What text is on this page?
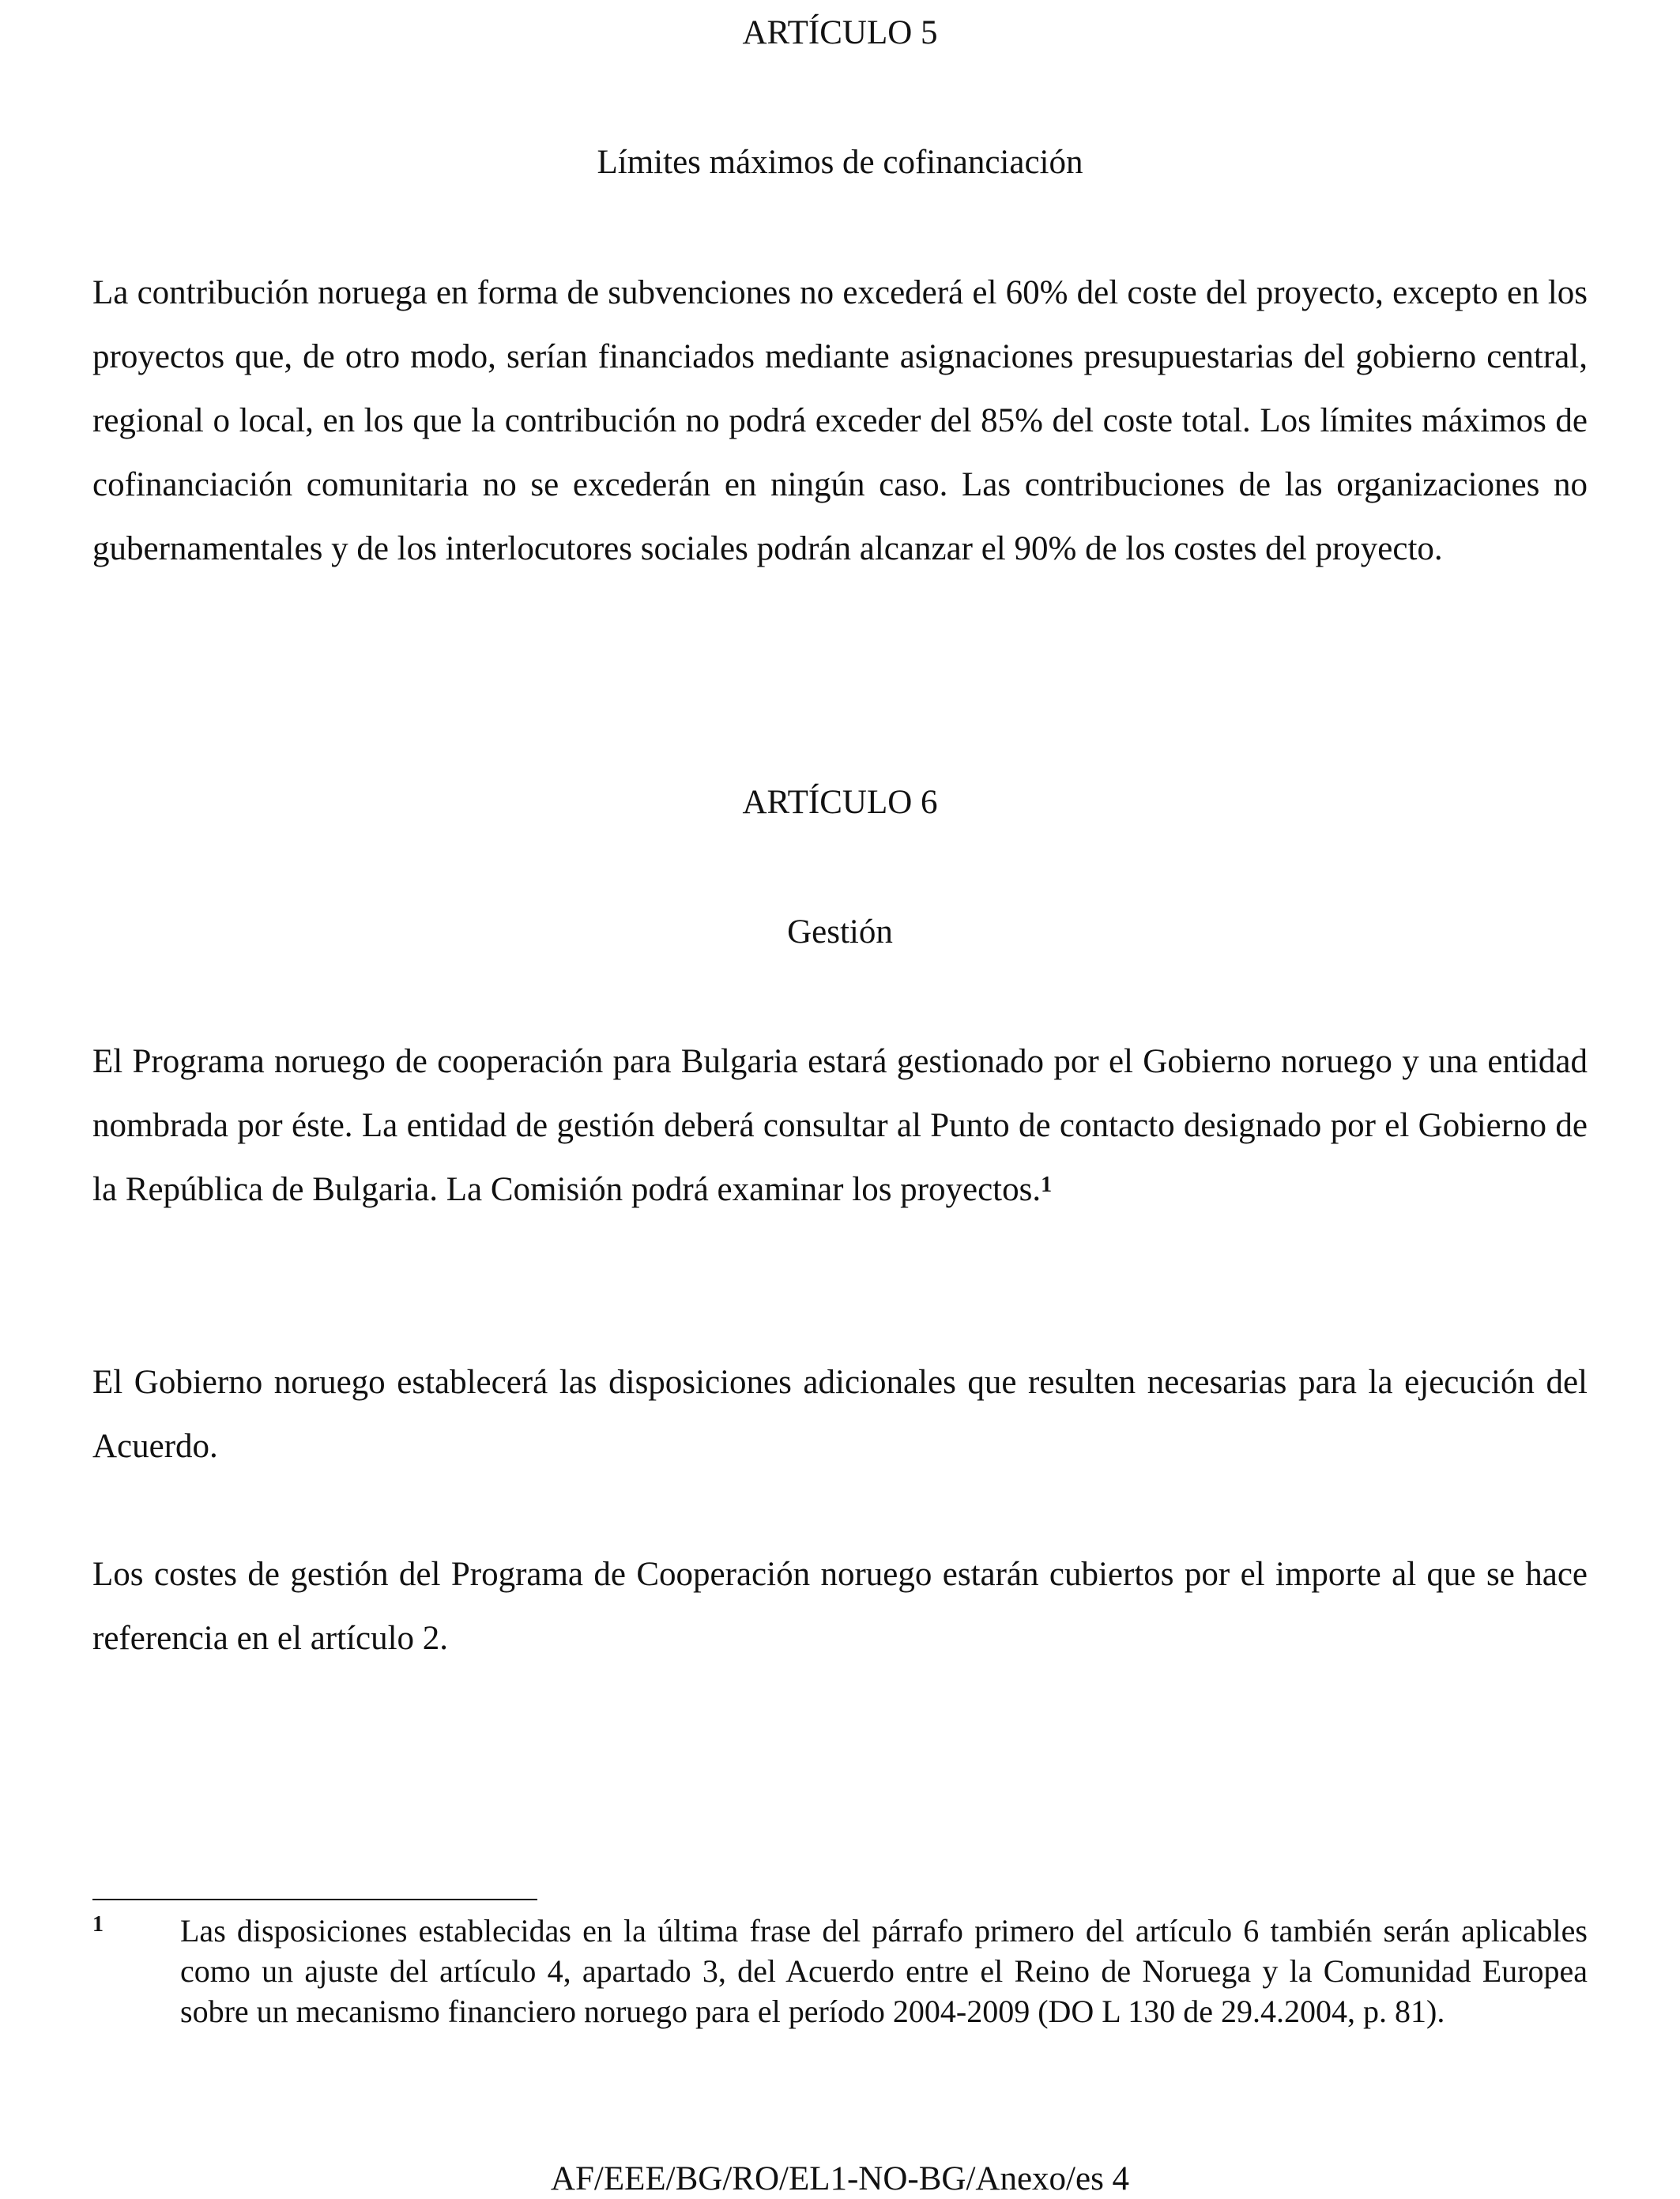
ARTÍCULO 5
Límites máximos de cofinanciación

La contribución noruega en forma de subvenciones no excederá el 60% del coste del proyecto, excepto en los proyectos que, de otro modo, serían financiados mediante asignaciones presupuestarias del gobierno central, regional o local, en los que la contribución no podrá exceder del 85% del coste total. Los límites máximos de cofinanciación comunitaria no se excederán en ningún caso. Las contribuciones de las organizaciones no gubernamentales y de los interlocutores sociales podrán alcanzar el 90% de los costes del proyecto.

ARTÍCULO 6
Gestión

El Programa noruego de cooperación para Bulgaria estará gestionado por el Gobierno noruego y una entidad nombrada por éste. La entidad de gestión deberá consultar al Punto de contacto designado por el Gobierno de la República de Bulgaria. La Comisión podrá examinar los proyectos.$^1$

El Gobierno noruego establecerá las disposiciones adicionales que resulten necesarias para la ejecución del Acuerdo.

Los costes de gestión del Programa de Cooperación noruego estarán cubiertos por el importe al que se hace referencia en el artículo 2.

1 Las disposiciones establecidas en la última frase del párrafo primero del artículo 6 también serán aplicables como un ajuste del artículo 4, apartado 3, del Acuerdo entre el Reino de Noruega y la Comunidad Europea sobre un mecanismo financiero noruego para el período 2004-2009 (DO L 130 de 29.4.2004, p. 81).

AF/EEE/BG/RO/EL1-NO-BG/Anexo/es 4
